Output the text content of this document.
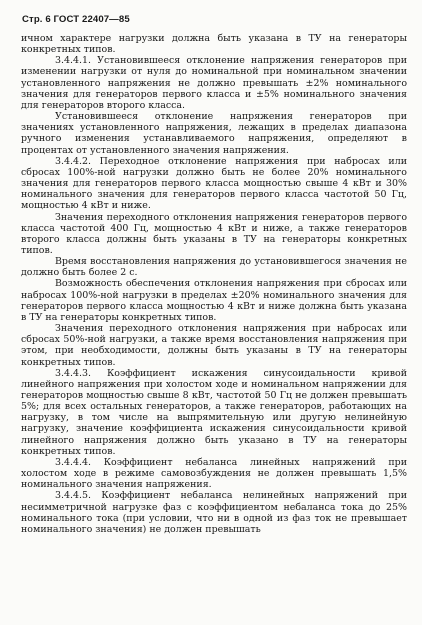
Стр. 6 ГОСТ 22407—85

ичном характере нагрузки должна быть указана в ТУ на генераторы конкретных типов.

3.4.4.1. Установившееся отклонение напряжения генераторов при изменении нагрузки от нуля до номинальной при номинальном значении установленного напряжения не должно превышать ±2% номинального значения для генераторов первого класса и ±5% номинального значения для генераторов второго класса.

Установившееся отклонение напряжения генераторов при значениях установленного напряжения, лежащих в пределах диапазона ручного изменения устанавливаемого напряжения, определяют в процентах от установленного значения напряжения.

3.4.4.2. Переходное отклонение напряжения при набросах или сбросах 100%-ной нагрузки должно быть не более 20% номинального значения для генераторов первого класса мощностью свыше 4 кВт и 30% номинального значения для генераторов первого класса частотой 50 Гц, мощностью 4 кВт и ниже.

Значения переходного отклонения напряжения генераторов первого класса частотой 400 Гц, мощностью 4 кВт и ниже, а также генераторов второго класса должны быть указаны в ТУ на генераторы конкретных типов.

Время восстановления напряжения до установившегося значения не должно быть более 2 с.

Возможность обеспечения отклонения напряжения при сбросах или набросах 100%-ной нагрузки в пределах ±20% номинального значения для генераторов первого класса мощностью 4 кВт и ниже должна быть указана в ТУ на генераторы конкретных типов.

Значения переходного отклонения напряжения при набросах или сбросах 50%-ной нагрузки, а также время восстановления напряжения при этом, при необходимости, должны быть указаны в ТУ на генераторы конкретных типов.

3.4.4.3. Коэффициент искажения синусоидальности кривой линейного напряжения при холостом ходе и номинальном напряжении для генераторов мощностью свыше 8 кВт, частотой 50 Гц не должен превышать 5%; для всех остальных генераторов, а также генераторов, работающих на нагрузку, в том числе на выпрямительную или другую нелинейную нагрузку, значение коэффициента искажения синусоидальности кривой линейного напряжения должно быть указано в ТУ на генераторы конкретных типов.

3.4.4.4. Коэффициент небаланса линейных напряжений при холостом ходе в режиме самовозбуждения не должен превышать 1,5% номинального значения напряжения.

3.4.4.5. Коэффициент небаланса нелинейных напряжений при несимметричной нагрузке фаз с коэффициентом небаланса тока до 25% номинального тока (при условии, что ни в одной из фаз ток не превышает номинального значения) не должен превышать
